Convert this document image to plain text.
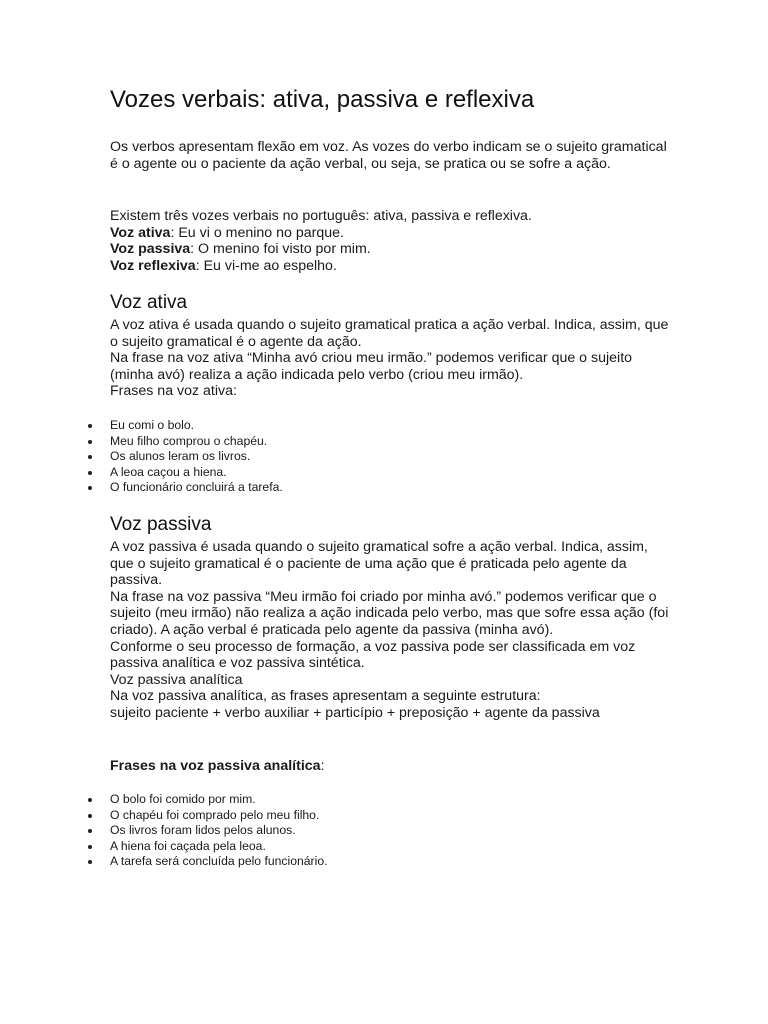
Vozes verbais: ativa, passiva e reflexiva

Os verbos apresentam flexão em voz. As vozes do verbo indicam se o sujeito gramatical é o agente ou o paciente da ação verbal, ou seja, se pratica ou se sofre a ação.

Existem três vozes verbais no português: ativa, passiva e reflexiva.

Voz ativa: Eu vi o menino no parque.

Voz passiva: O menino foi visto por mim.

Voz reflexiva: Eu vi-me ao espelho.

Voz ativa

A voz ativa é usada quando o sujeito gramatical pratica a ação verbal. Indica, assim, que o sujeito gramatical é o agente da ação.

Na frase na voz ativa “Minha avó criou meu irmão.” podemos verificar que o sujeito (minha avó) realiza a ação indicada pelo verbo (criou meu irmão).

Frases na voz ativa:

Eu comi o bolo.
Meu filho comprou o chapéu.
Os alunos leram os livros.
A leoa caçou a hiena.
O funcionário concluirá a tarefa.
Voz passiva

A voz passiva é usada quando o sujeito gramatical sofre a ação verbal. Indica, assim, que o sujeito gramatical é o paciente de uma ação que é praticada pelo agente da passiva.

Na frase na voz passiva “Meu irmão foi criado por minha avó.” podemos verificar que o sujeito (meu irmão) não realiza a ação indicada pelo verbo, mas que sofre essa ação (foi criado). A ação verbal é praticada pelo agente da passiva (minha avó).

Conforme o seu processo de formação, a voz passiva pode ser classificada em voz passiva analítica e voz passiva sintética.

Voz passiva analítica

Na voz passiva analítica, as frases apresentam a seguinte estrutura:

sujeito paciente + verbo auxiliar + particípio + preposição + agente da passiva

Frases na voz passiva analítica:

O bolo foi comido por mim.
O chapéu foi comprado pelo meu filho.
Os livros foram lidos pelos alunos.
A hiena foi caçada pela leoa.
A tarefa será concluída pelo funcionário.
